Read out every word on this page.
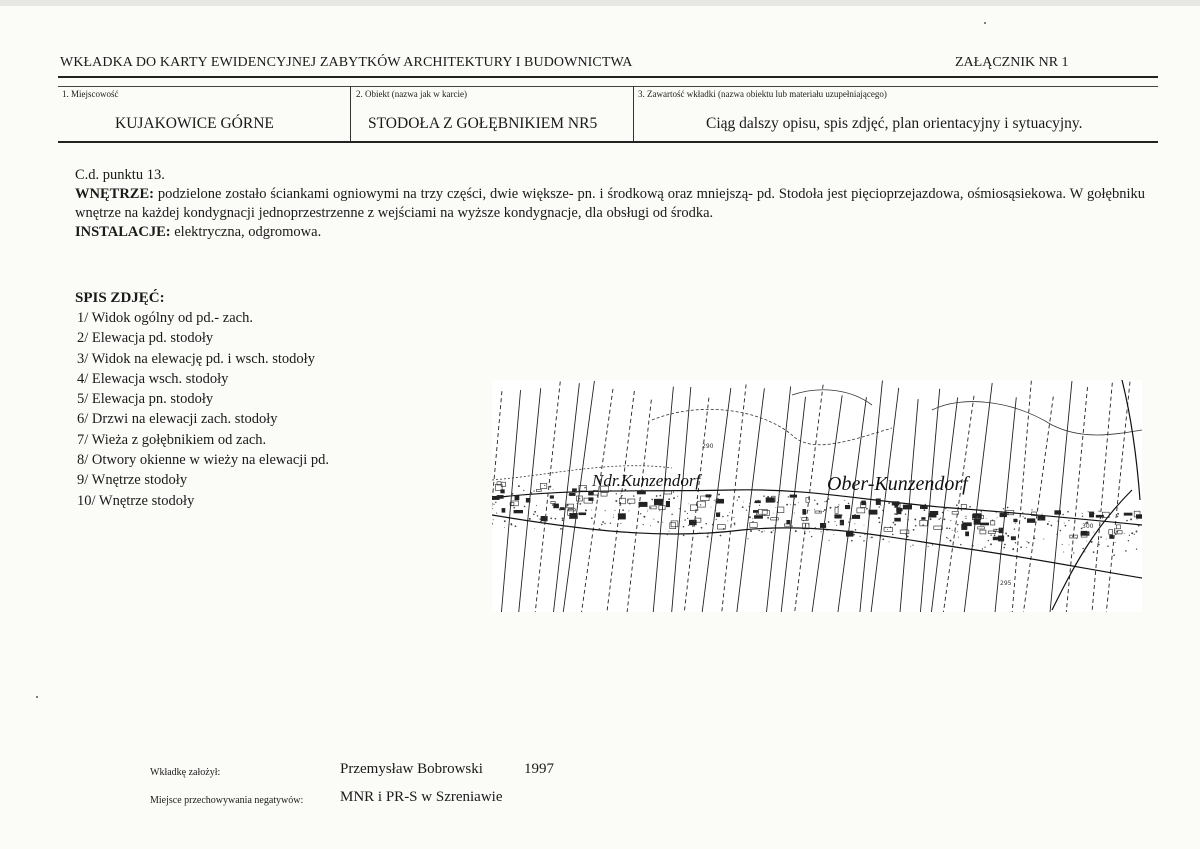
WKŁADKA DO KARTY EWIDENCYJNEJ ZABYTKÓW ARCHITEKTURY I BUDOWNICTWA	ZAŁĄCZNIK NR 1
1. Miejscowość
KUJAKOWICE GÓRNE
2. Obiekt (nazwa jak w karcie)
STODOŁA Z GOŁĘBNIKIEM NR5
3. Zawartość wkładki (nazwa obiektu lub materiału uzupełniającego)
Ciąg dalszy opisu, spis zdjęć, plan orientacyjny i sytuacyjny.

C.d. punktu 13.

WNĘTRZE: podzielone zostało ściankami ogniowymi na trzy części, dwie większe- pn. i środkową oraz mniejszą- pd. Stodoła jest pięcioprzejazdowa, ośmiosąsiekowa. W gołębniku wnętrze na każdej kondygnacji jednoprzestrzenne z wejściami na wyższe kondygnacje, dla obsługi od środka.

INSTALACJE: elektryczna, odgromowa.

SPIS ZDJĘĆ:
1/ Widok ogólny od pd.- zach.
2/ Elewacja pd. stodoły
3/ Widok na elewację pd. i wsch. stodoły
4/ Elewacja wsch. stodoły
5/ Elewacja pn. stodoły
6/ Drzwi na elewacji zach. stodoły
7/ Wieża z gołębnikiem od zach.
8/ Otwory okienne w wieży na elewacji pd.
9/ Wnętrze stodoły
10/ Wnętrze stodoły
Ndr.Kunzendorf	Ober-Kunzendorf
290
300
295
Wkładkę założył:	Przemysław Bobrowski	1997
Miejsce przechowywania negatywów: MNR i PR-S w Szreniawie
